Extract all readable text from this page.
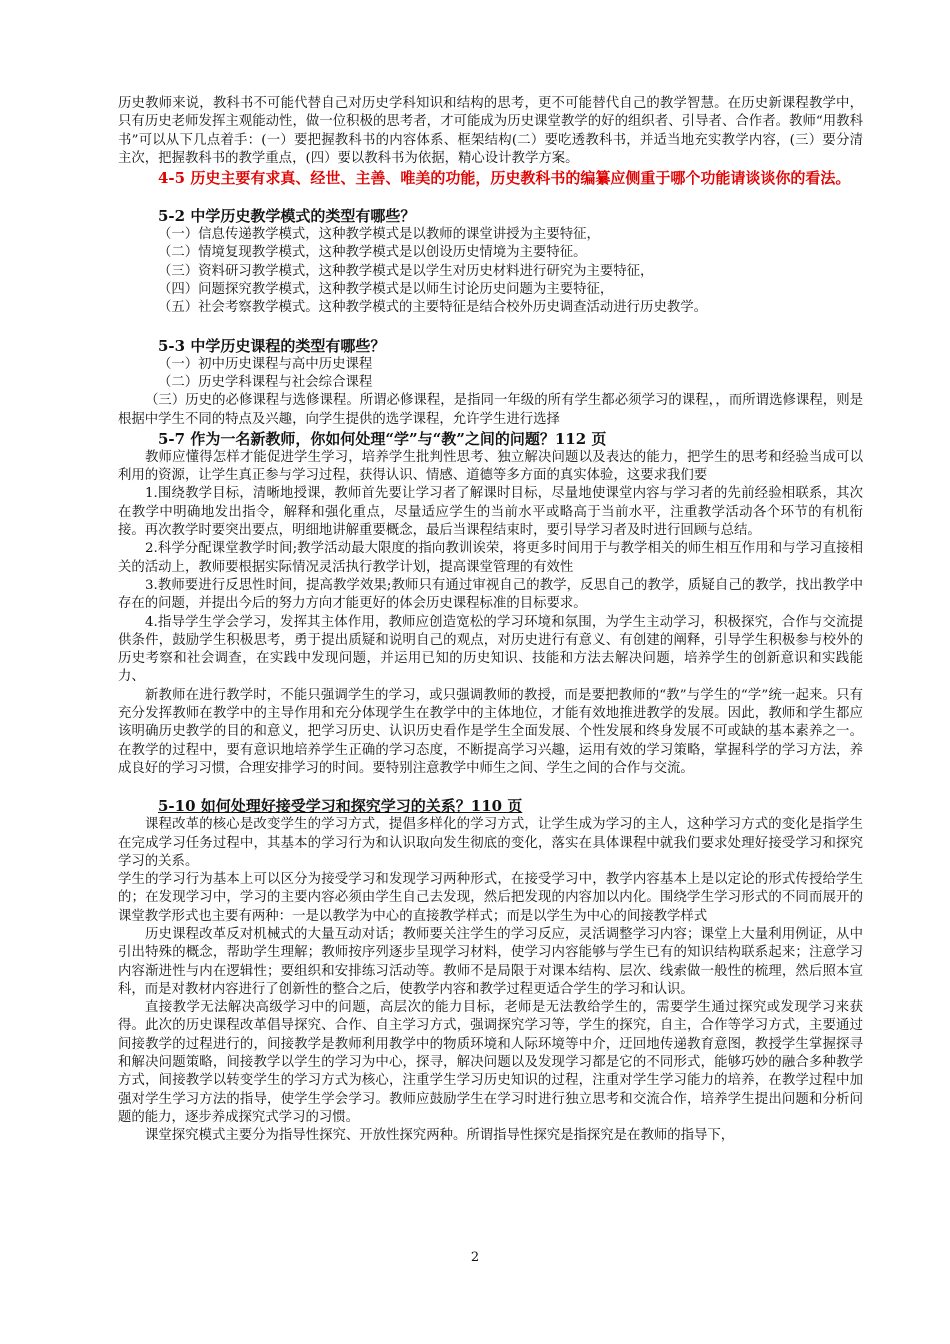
历史教师来说，教科书不可能代替自己对历史学科知识和结构的思考，更不可能替代自己的教学智慧。在历史新课程教学中，只有历史老师发挥主观能动性，做一位积极的思考者，才可能成为历史课堂教学的好的组织者、引导者、合作者。教师“用教科书”可以从下几点着手：(一）要把握教科书的内容体系、框架结构(二）要吃透教科书，并适当地充实教学内容，(三）要分清主次，把握教科书的教学重点，(四）要以教科书为依据，精心设计教学方案。

4-5 历史主要有求真、经世、主善、唯美的功能，历史教科书的编纂应侧重于哪个功能请谈谈你的看法。

5-2 中学历史教学模式的类型有哪些？

（一）信息传递教学模式，这种教学模式是以教师的课堂讲授为主要特征，

（二）情境复现教学模式，这种教学模式是以创设历史情境为主要特征。

（三）资料研习教学模式，这种教学模式是以学生对历史材料进行研究为主要特征，

（四）问题探究教学模式，这种教学模式是以师生讨论历史问题为主要特征，

（五）社会考察教学模式。这种教学模式的主要特征是结合校外历史调查活动进行历史教学。

5-3 中学历史课程的类型有哪些？

（一）初中历史课程与高中历史课程

（二）历史学科课程与社会综合课程

（三）历史的必修课程与选修课程。所谓必修课程，是指同一年级的所有学生都必须学习的课程，，而所谓选修课程，则是根据中学生不同的特点及兴趣，向学生提供的选学课程，允许学生进行选择

5-7 作为一名新教师，你如何处理“学”与“教”之间的问题？112 页

教师应懂得怎样才能促进学生学习，培养学生批判性思考、独立解决问题以及表达的能力，把学生的思考和经验当成可以利用的资源，让学生真正参与学习过程，获得认识、情感、道德等多方面的真实体验，这要求我们要

1.围绕教学目标，清晰地授课，教师首先要让学习者了解课时目标，尽量地使课堂内容与学习者的先前经验相联系，其次在教学中明确地发出指令，解释和强化重点，尽量适应学生的当前水平或略高于当前水平，注重教学活动各个环节的有机衔接。再次教学时要突出要点，明细地讲解重要概念，最后当课程结束时，要引导学习者及时进行回顾与总结。

2.科学分配课堂教学时间;教学活动最大限度的指向教训诶荣，将更多时间用于与教学相关的师生相互作用和与学习直接相关的活动上，教师要根据实际情况灵活执行教学计划，提高课堂管理的有效性

3.教师要进行反思性时间，提高教学效果;教师只有通过审视自己的教学，反思自己的教学，质疑自己的教学，找出教学中存在的问题，并提出今后的努力方向才能更好的体会历史课程标准的目标要求。

4.指导学生学会学习，发挥其主体作用，教师应创造宽松的学习环境和氛围，为学生主动学习，积极探究，合作与交流提供条件，鼓励学生积极思考，勇于提出质疑和说明自己的观点，对历史进行有意义、有创建的阐释，引导学生积极参与校外的历史考察和社会调查，在实践中发现问题，并运用已知的历史知识、技能和方法去解决问题，培养学生的创新意识和实践能力、

新教师在进行教学时，不能只强调学生的学习，或只强调教师的教授，而是要把教师的“教”与学生的“学”统一起来。只有充分发挥教师在教学中的主导作用和充分体现学生在教学中的主体地位，才能有效地推进教学的发展。因此，教师和学生都应该明确历史教学的目的和意义，把学习历史、认识历史看作是学生全面发展、个性发展和终身发展不可或缺的基本素养之一。在教学的过程中，要有意识地培养学生正确的学习态度，不断提高学习兴趣，运用有效的学习策略，掌握科学的学习方法，养成良好的学习习惯，合理安排学习的时间。要特别注意教学中师生之间、学生之间的合作与交流。

5-10 如何处理好接受学习和探究学习的关系？110 页

课程改革的核心是改变学生的学习方式，提倡多样化的学习方式，让学生成为学习的主人，这种学习方式的变化是指学生在完成学习任务过程中，其基本的学习行为和认识取向发生彻底的变化，落实在具体课程中就我们要求处理好接受学习和探究学习的关系。

学生的学习行为基本上可以区分为接受学习和发现学习两种形式，在接受学习中，教学内容基本上是以定论的形式传授给学生的；在发现学习中，学习的主要内容必须由学生自己去发现，然后把发现的内容加以内化。围绕学生学习形式的不同而展开的课堂教学形式也主要有两种：一是以教学为中心的直接教学样式；而是以学生为中心的间接教学样式

历史课程改革反对机械式的大量互动对话；教师要关注学生的学习反应，灵活调整学习内容；课堂上大量利用例证，从中引出特殊的概念，帮助学生理解；教师按序列逐步呈现学习材料，使学习内容能够与学生已有的知识结构联系起来；注意学习内容渐进性与内在逻辑性；要组织和安排练习活动等。教师不是局限于对课本结构、层次、线索做一般性的梳理，然后照本宣科，而是对教材内容进行了创新性的整合之后，使教学内容和教学过程更适合学生的学习和认识。

直接教学无法解决高级学习中的问题，高层次的能力目标，老师是无法教给学生的，需要学生通过探究或发现学习来获得。此次的历史课程改革倡导探究、合作、自主学习方式，强调探究学习等，学生的探究，自主，合作等学习方式，主要通过间接教学的过程进行的，间接教学是教师利用教学中的物质环境和人际环境等中介，迂回地传递教育意图，教授学生掌握探寻和解决问题策略，间接教学以学生的学习为中心，探寻，解决问题以及发现学习都是它的不同形式，能够巧妙的融合多种教学方式，间接教学以转变学生的学习方式为核心，注重学生学习历史知识的过程，注重对学生学习能力的培养，在教学过程中加强对学生学习方法的指导，使学生学会学习。教师应鼓励学生在学习时进行独立思考和交流合作，培养学生提出问题和分析问题的能力，逐步养成探究式学习的习惯。

课堂探究模式主要分为指导性探究、开放性探究两种。所谓指导性探究是指探究是在教师的指导下，

2
